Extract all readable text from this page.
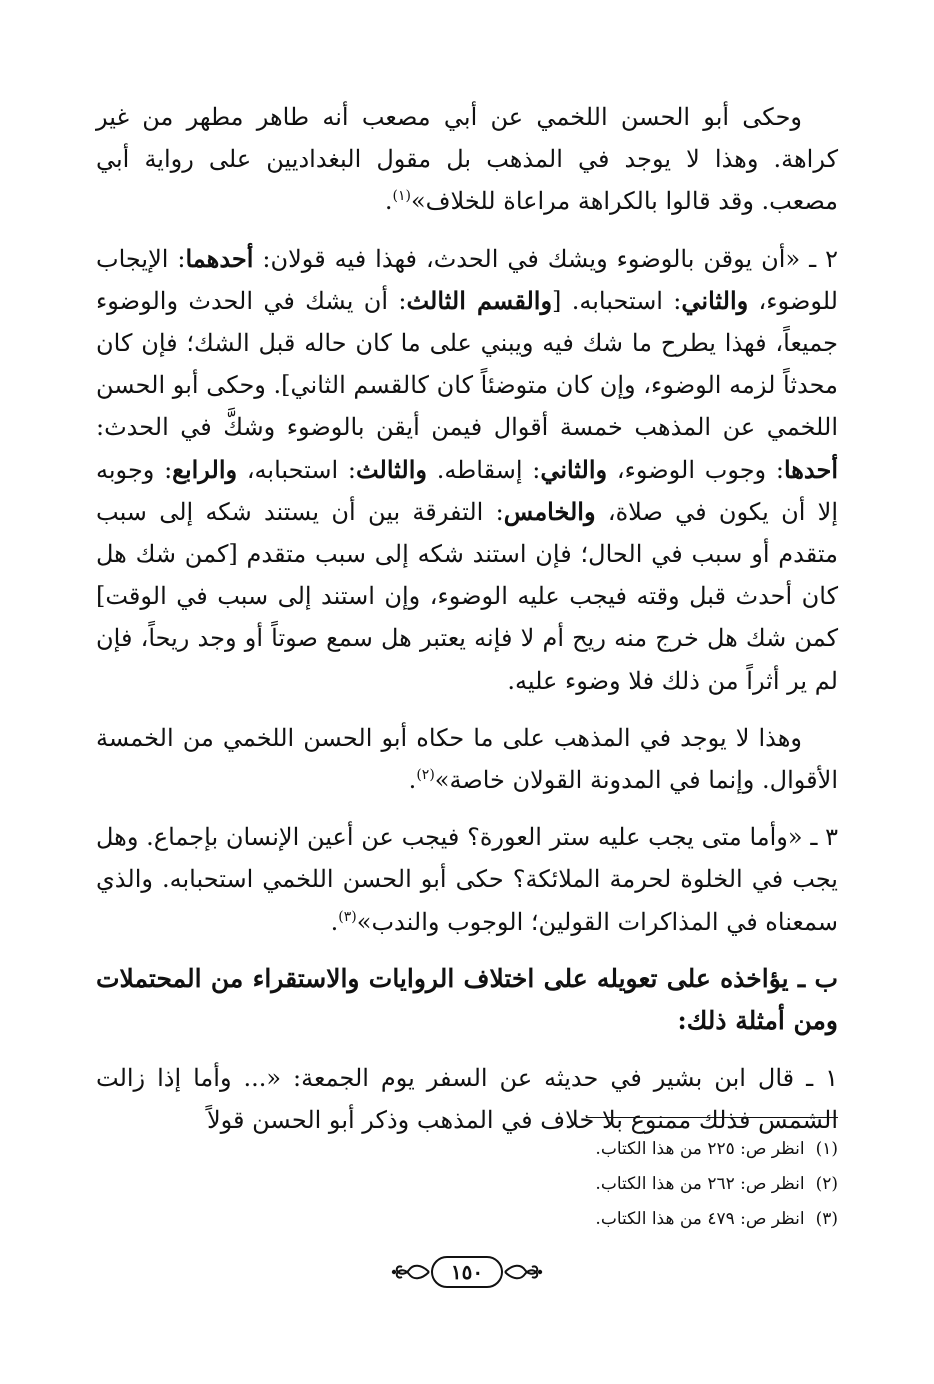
وحكى أبو الحسن اللخمي عن أبي مصعب أنه طاهر مطهر من غير كراهة. وهذا لا يوجد في المذهب بل مقول البغداديين على رواية أبي مصعب. وقد قالوا بالكراهة مراعاة للخلاف»$^{(١)}$.

٢ ـ «أن يوقن بالوضوء ويشك في الحدث، فهذا فيه قولان: أحدهما: الإيجاب للوضوء، والثاني: استحبابه. [والقسم الثالث: أن يشك في الحدث والوضوء جميعاً، فهذا يطرح ما شك فيه ويبني على ما كان حاله قبل الشك؛ فإن كان محدثاً لزمه الوضوء، وإن كان متوضئاً كان كالقسم الثاني]. وحكى أبو الحسن اللخمي عن المذهب خمسة أقوال فيمن أيقن بالوضوء وشكَّ في الحدث: أحدها: وجوب الوضوء، والثاني: إسقاطه. والثالث: استحبابه، والرابع: وجوبه إلا أن يكون في صلاة، والخامس: التفرقة بين أن يستند شكه إلى سبب متقدم أو سبب في الحال؛ فإن استند شكه إلى سبب متقدم [كمن شك هل كان أحدث قبل وقته فيجب عليه الوضوء، وإن استند إلى سبب في الوقت] كمن شك هل خرج منه ريح أم لا فإنه يعتبر هل سمع صوتاً أو وجد ريحاً، فإن لم ير أثراً من ذلك فلا وضوء عليه.

وهذا لا يوجد في المذهب على ما حكاه أبو الحسن اللخمي من الخمسة الأقوال. وإنما في المدونة القولان خاصة»$^{(٢)}$.

٣ ـ «وأما متى يجب عليه ستر العورة؟ فيجب عن أعين الإنسان بإجماع. وهل يجب في الخلوة لحرمة الملائكة؟ حكى أبو الحسن اللخمي استحبابه. والذي سمعناه في المذاكرات القولين؛ الوجوب والندب»$^{(٣)}$.

ب ـ يؤاخذه على تعويله على اختلاف الروايات والاستقراء من المحتملات ومن أمثلة ذلك:

١ ـ قال ابن بشير في حديثه عن السفر يوم الجمعة: «... وأما إذا زالت الشمس فذلك ممنوع بلا خلاف في المذهب وذكر أبو الحسن قولاً

(١) انظر ص: ٢٢٥ من هذا الكتاب.
(٢) انظر ص: ٢٦٢ من هذا الكتاب.
(٣) انظر ص: ٤٧٩ من هذا الكتاب.
١٥٠
